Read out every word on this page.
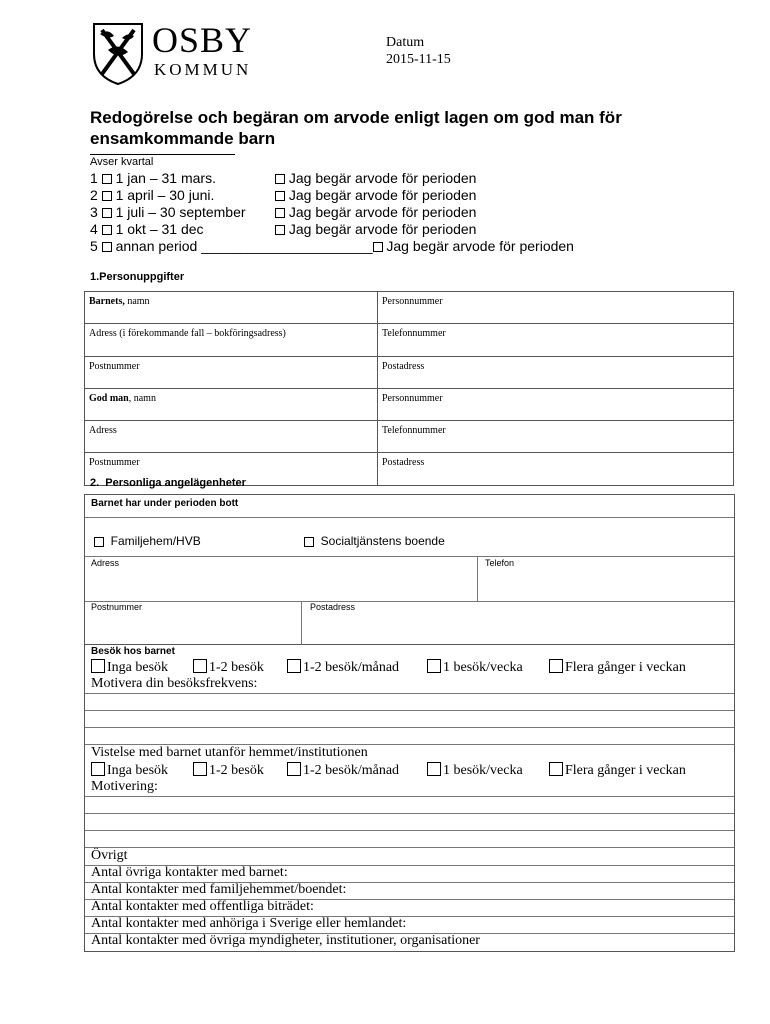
OSBY
KOMMUN
Datum
2015-11-15
Redogörelse och begäran om arvode enligt lagen om god man för
ensamkommande barn
Avser kvartal
1 1 jan – 31 mars.	Jag begär arvode för perioden
2 1 april – 30 juni.	Jag begär arvode för perioden
3 1 juli – 30 september	Jag begär arvode för perioden
4 1 okt – 31 dec	Jag begär arvode för perioden
5 annan period ______________________ Jag begär arvode för perioden
1.Personuppgifter
Barnets, namn	Personnummer
Adress (i förekommande fall – bokföringsadress)	Telefonnummer
Postnummer	Postadress
God man, namn	Personnummer
Adress	Telefonnummer
Postnummer	Postadress
2.  Personliga angelägenheter
Barnet har under perioden bott
Familjehem/HVB	Socialtjänstens boende
Adress	Telefon
Postnummer	Postadress
Besök hos barnet
Inga besök	1-2 besök	1-2 besök/månad	1 besök/vecka	Flera gånger i veckan
Motivera din besöksfrekvens:
Vistelse med barnet utanför hemmet/institutionen
Inga besök	1-2 besök	1-2 besök/månad	1 besök/vecka	Flera gånger i veckan
Motivering:
Övrigt
Antal övriga kontakter med barnet:
Antal kontakter med familjehemmet/boendet:
Antal kontakter med offentliga biträdet:
Antal kontakter med anhöriga i Sverige eller hemlandet:
Antal kontakter med övriga myndigheter, institutioner, organisationer
